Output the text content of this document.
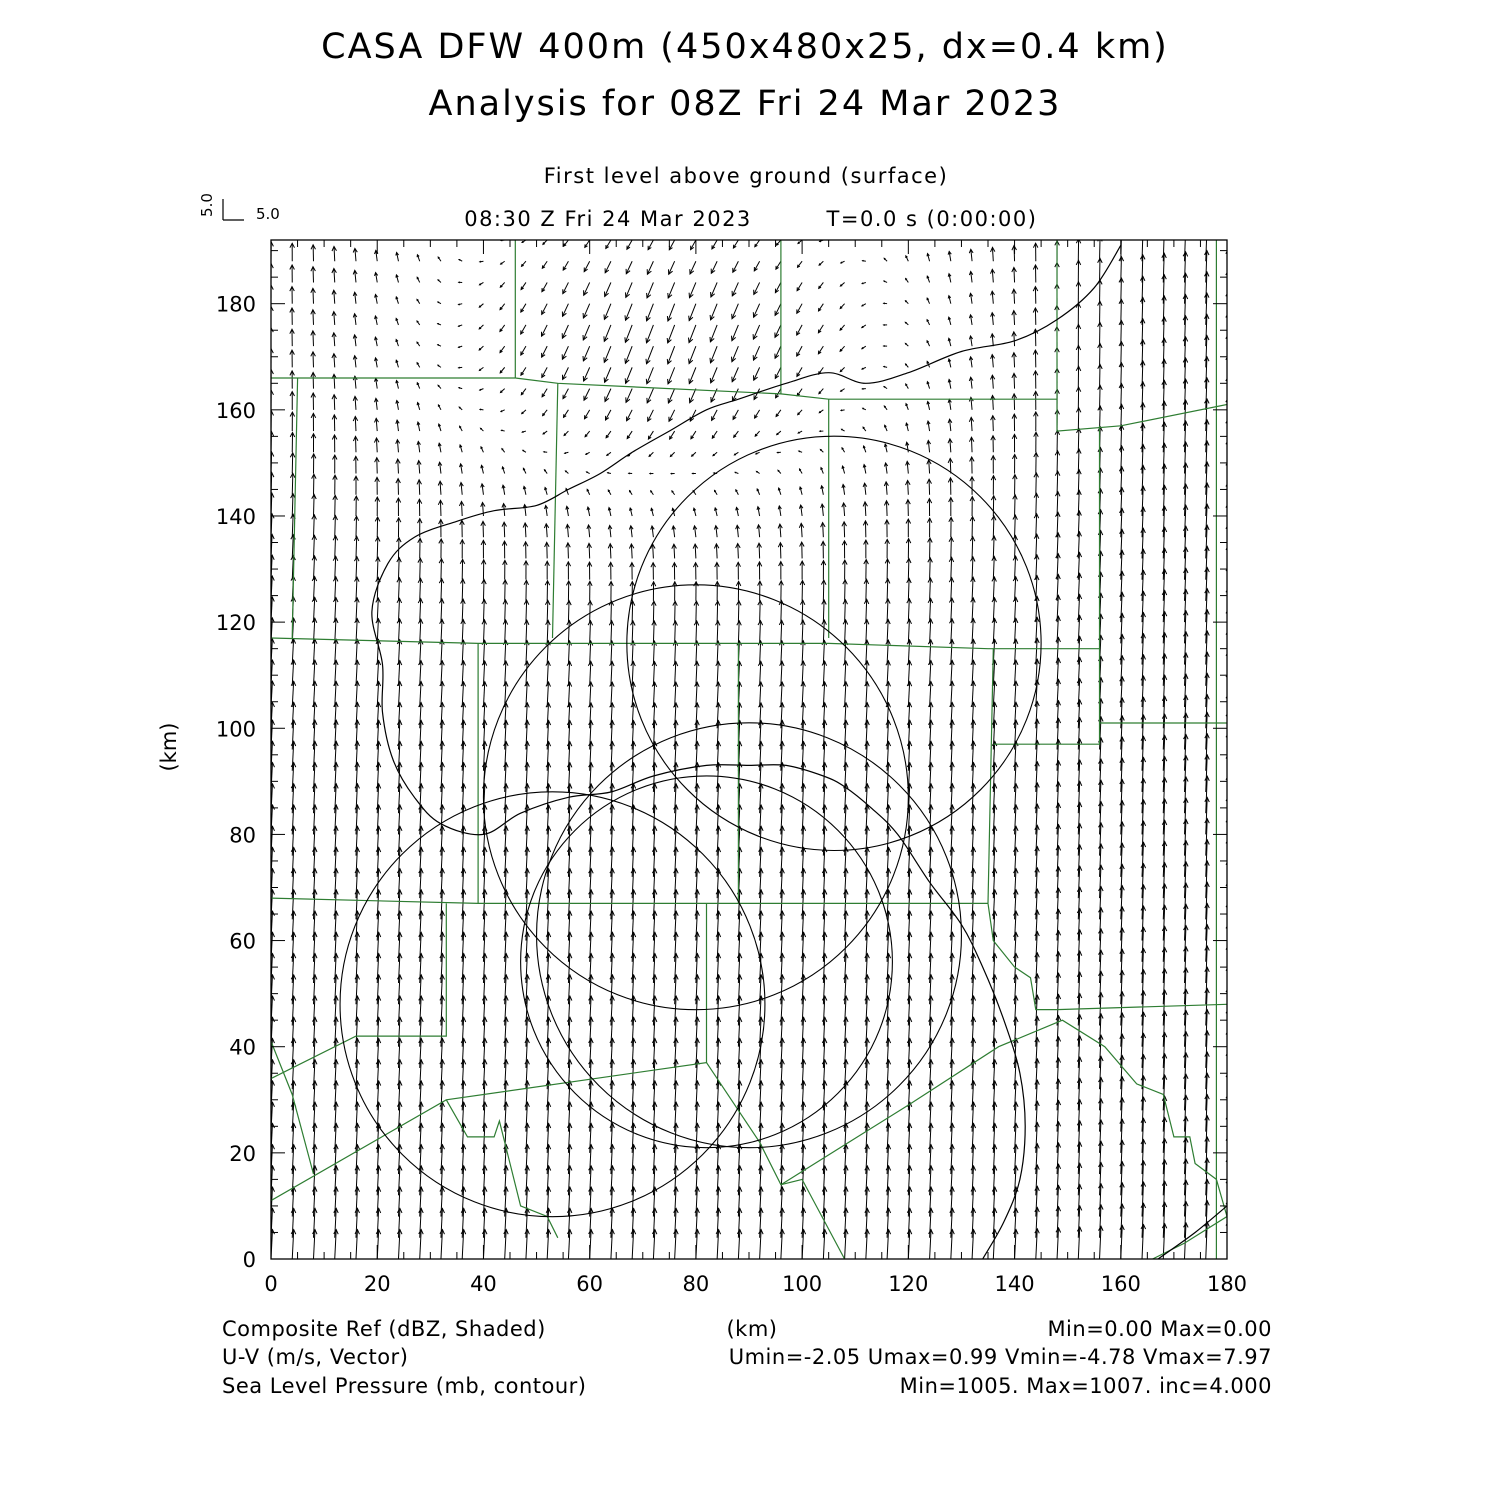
CASA DFW 400m (450x480x25, dx=0.4 km)
Analysis for 08Z Fri 24 Mar 2023
First level above ground (surface)
08:30 Z Fri 24 Mar 2023	T=0.0 s (0:00:00)
5.0
5.0
0	20	40	60	80	100	120	140	160	180
0
20
40
60
80
100
120
140
160
180
(km)
(km)
Composite Ref (dBZ, Shaded)	Min=0.00 Max=0.00
U-V (m/s, Vector)	Umin=-2.05 Umax=0.99 Vmin=-4.78 Vmax=7.97
Sea Level Pressure (mb, contour)	Min=1005. Max=1007. inc=4.000
